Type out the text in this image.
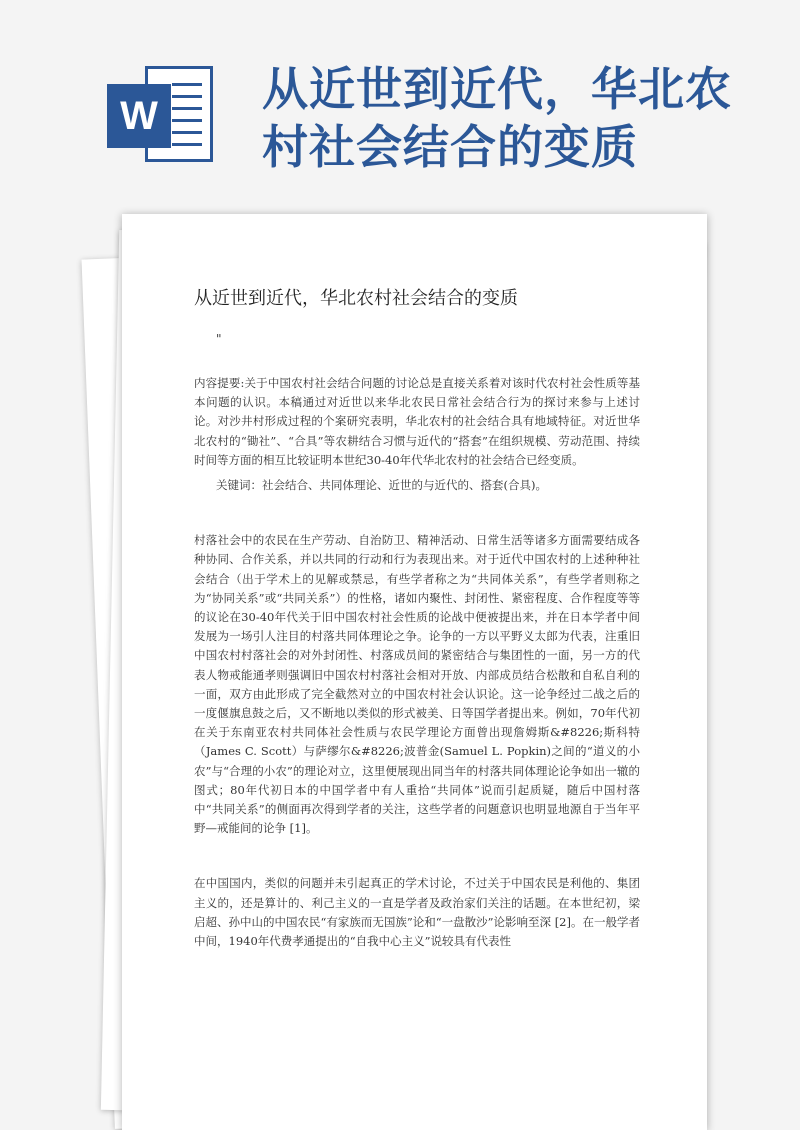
W 从近世到近代，华北农
村社会结合的变质
从近世到近代，华北农村社会结合的变质
"

内容提要:关于中国农村社会结合问题的讨论总是直接关系着对该时代农村社会性质等基本问题的认识。本稿通过对近世以来华北农民日常社会结合行为的探讨来参与上述讨论。对沙井村形成过程的个案研究表明，华北农村的社会结合具有地域特征。对近世华北农村的“锄社”、“合具”等农耕结合习惯与近代的“搭套”在组织规模、劳动范围、持续时间等方面的相互比较证明本世纪30-40年代华北农村的社会结合已经变质。

关键词：社会结合、共同体理论、近世的与近代的、搭套(合具)。

村落社会中的农民在生产劳动、自治防卫、精神活动、日常生活等诸多方面需要结成各种协同、合作关系，并以共同的行动和行为表现出来。对于近代中国农村的上述种种社会结合（出于学术上的见解或禁忌，有些学者称之为“共同体关系”，有些学者则称之为“协同关系”或“共同关系”）的性格，诸如内聚性、封闭性、紧密程度、合作程度等等的议论在30-40年代关于旧中国农村社会性质的论战中便被提出来，并在日本学者中间发展为一场引人注目的村落共同体理论之争。论争的一方以平野义太郎为代表，注重旧中国农村村落社会的对外封闭性、村落成员间的紧密结合与集团性的一面，另一方的代表人物戒能通孝则强调旧中国农村村落社会相对开放、内部成员结合松散和自私自利的一面，双方由此形成了完全截然对立的中国农村社会认识论。这一论争经过二战之后的一度偃旗息鼓之后，又不断地以类似的形式被美、日等国学者提出来。例如，70年代初在关于东南亚农村共同体社会性质与农民学理论方面曾出现詹姆斯&#8226;斯科特（James C. Scott）与萨缪尔&#8226;波普金(Samuel L. Popkin)之间的“道义的小农”与“合理的小农”的理论对立，这里便展现出同当年的村落共同体理论论争如出一辙的图式；80年代初日本的中国学者中有人重拾“共同体”说而引起质疑，随后中国村落中“共同关系”的侧面再次得到学者的关注，这些学者的问题意识也明显地源自于当年平野—戒能间的论争 [1]。

在中国国内，类似的问题并未引起真正的学术讨论，不过关于中国农民是利他的、集团主义的，还是算计的、利己主义的一直是学者及政治家们关注的话题。在本世纪初，梁启超、孙中山的中国农民“有家族而无国族”论和“一盘散沙”论影响至深 [2]。在一般学者中间，1940年代费孝通提出的“自我中心主义”说较具有代表性
